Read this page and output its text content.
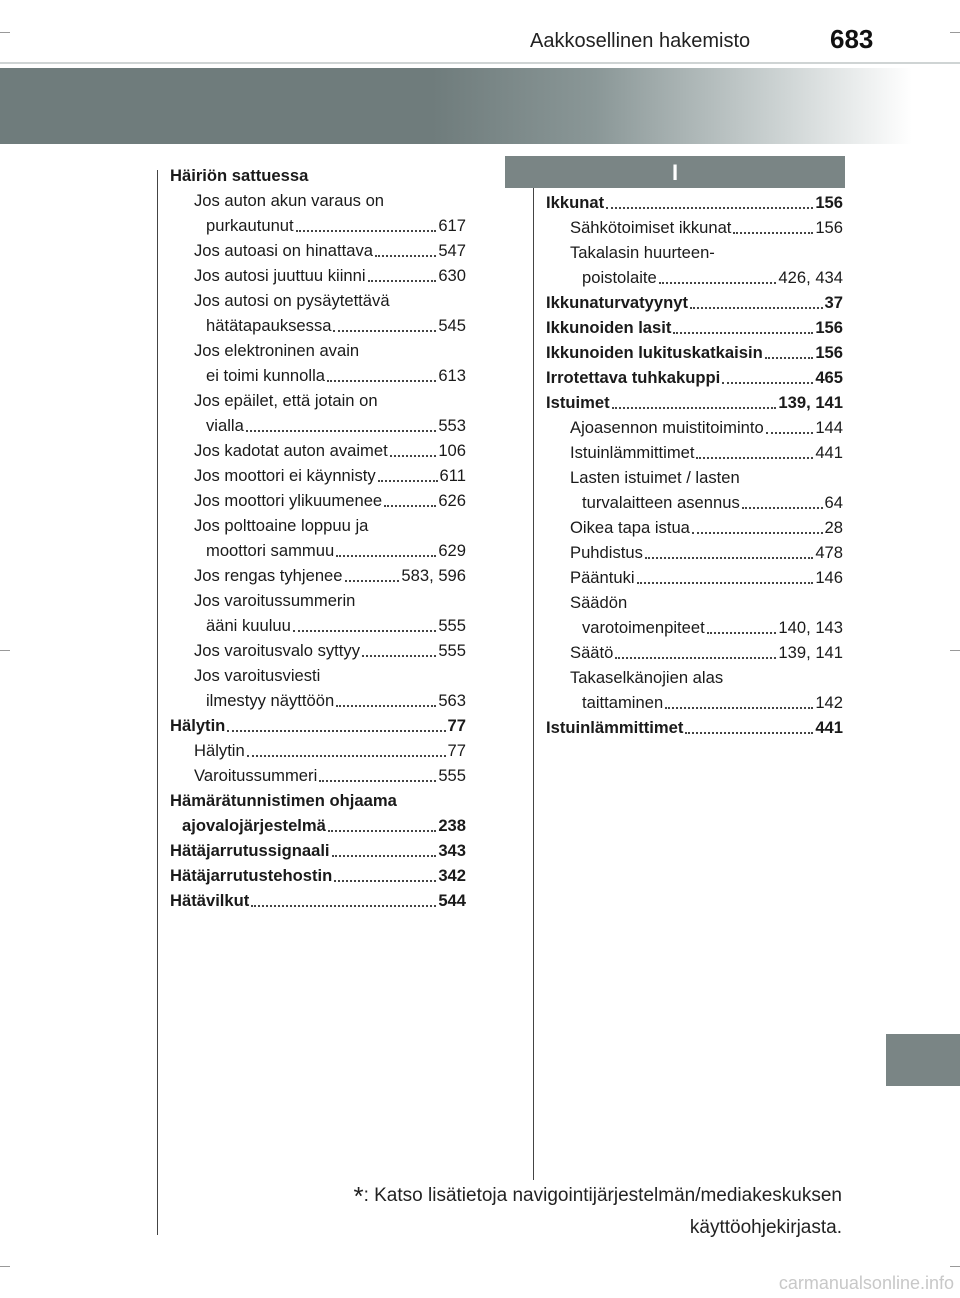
Aakkosellinen hakemisto	683
I
Häiriön sattuessa
Jos auton akun varaus on
purkautunut	617
Jos autoasi on hinattava	547
Jos autosi juuttuu kiinni	630
Jos autosi on pysäytettävä
hätätapauksessa	545
Jos elektroninen avain
ei toimi kunnolla	613
Jos epäilet, että jotain on
vialla	553
Jos kadotat auton avaimet	106
Jos moottori ei käynnisty	611
Jos moottori ylikuumenee	626
Jos polttoaine loppuu ja
moottori sammuu	629
Jos rengas tyhjenee	583, 596
Jos varoitussummerin
ääni kuuluu	555
Jos varoitusvalo syttyy	555
Jos varoitusviesti
ilmestyy näyttöön	563
Hälytin	77
Hälytin	77
Varoitussummeri	555
Hämärätunnistimen ohjaama
ajovalojärjestelmä	238
Hätäjarrutussignaali	343
Hätäjarrutustehostin	342
Hätävilkut	544
Ikkunat	156
Sähkötoimiset ikkunat	156
Takalasin huurteen-
poistolaite	426, 434
Ikkunaturvatyynyt	37
Ikkunoiden lasit	156
Ikkunoiden lukituskatkaisin	156
Irrotettava tuhkakuppi	465
Istuimet	139, 141
Ajoasennon muistitoiminto	144
Istuinlämmittimet	441
Lasten istuimet / lasten
turvalaitteen asennus	64
Oikea tapa istua	28
Puhdistus	478
Pääntuki	146
Säädön
varotoimenpiteet	140, 143
Säätö	139, 141
Takaselkänojien alas
taittaminen	142
Istuinlämmittimet	441
*: Katso lisätietoja navigointijärjestelmän/mediakeskuksen
käyttöohjekirjasta.
carmanualsonline.info
